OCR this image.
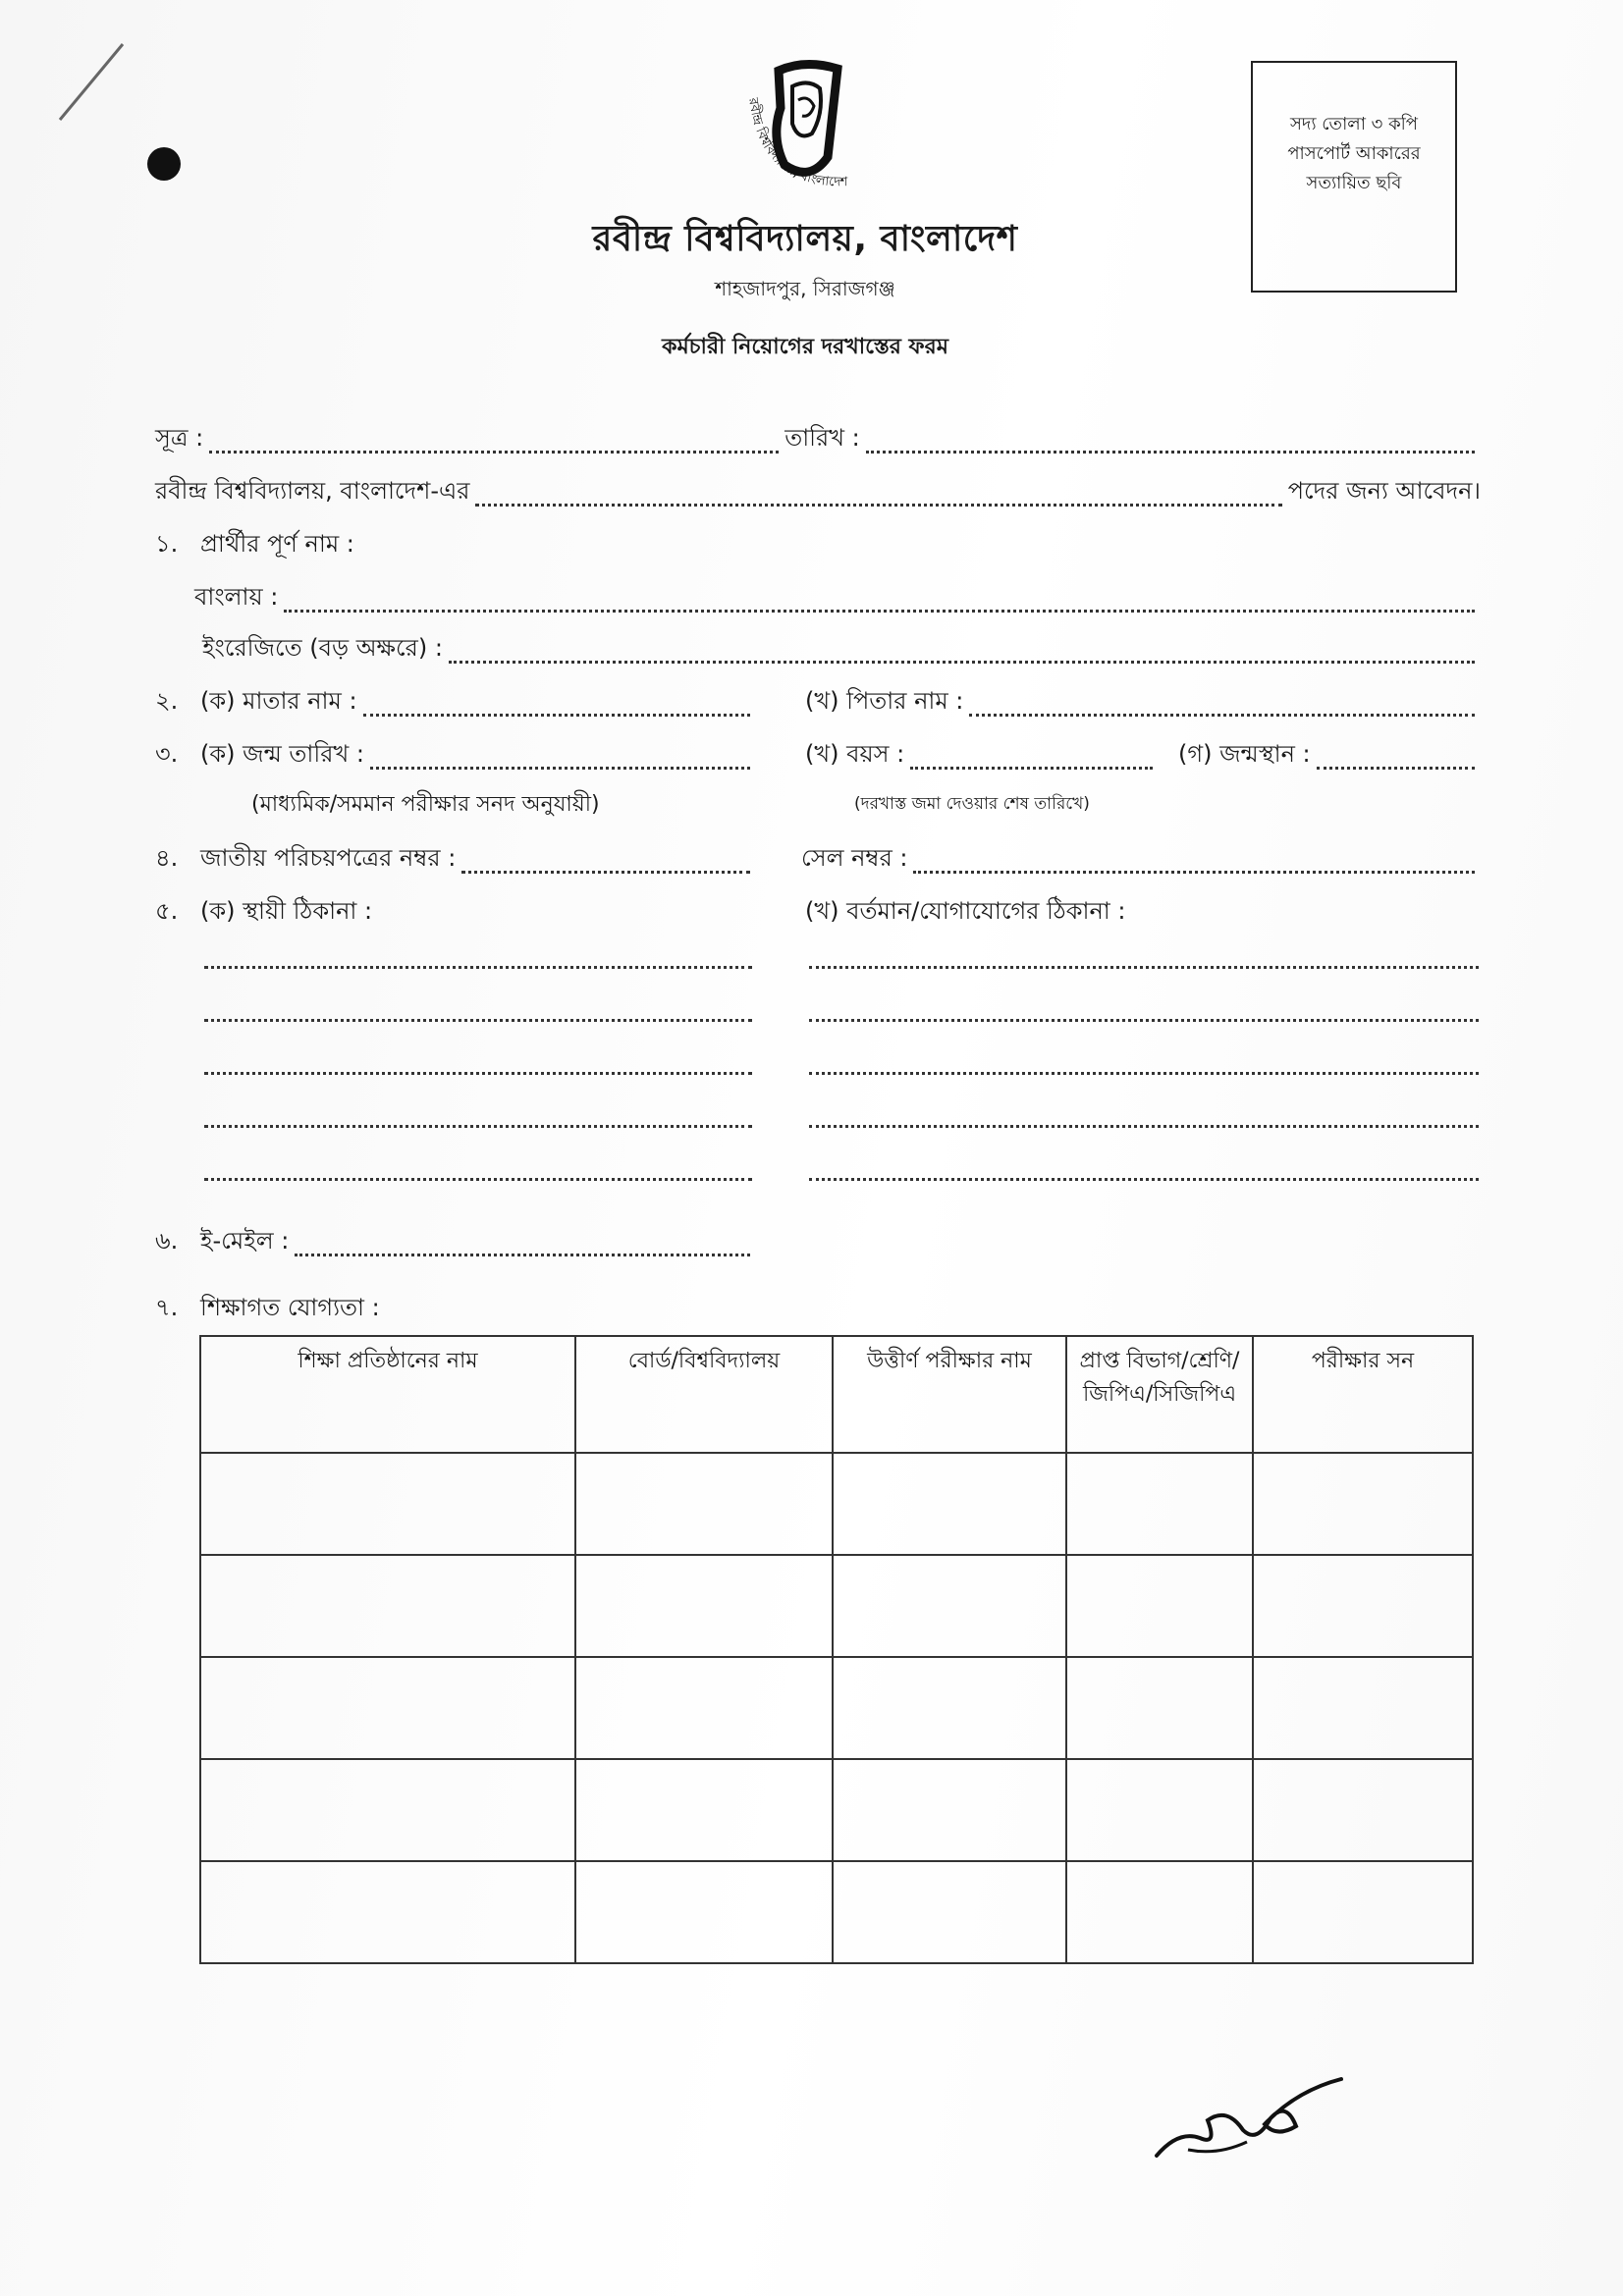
রবীন্দ্র বিশ্ববিদ্যালয়, বাংলাদেশ
রবীন্দ্র বিশ্ববিদ্যালয়, বাংলাদেশ
শাহজাদপুর, সিরাজগঞ্জ
সদ্য তোলা ৩ কপি
পাসপোর্ট আকারের
সত্যায়িত ছবি
কর্মচারী নিয়োগের দরখাস্তের ফরম
সূত্র :	তারিখ :
রবীন্দ্র বিশ্ববিদ্যালয়, বাংলাদেশ-এর	পদের জন্য আবেদন।
১. প্রার্থীর পূর্ণ নাম :
বাংলায় :
ইংরেজিতে (বড় অক্ষরে) :
২. (ক) মাতার নাম :	(খ) পিতার নাম :
৩. (ক) জন্ম তারিখ :	(খ) বয়স :	(গ) জন্মস্থান :
(মাধ্যমিক/সমমান পরীক্ষার সনদ অনুযায়ী)	(দরখাস্ত জমা দেওয়ার শেষ তারিখে)
৪. জাতীয় পরিচয়পত্রের নম্বর :	সেল নম্বর :
৫. (ক) স্থায়ী ঠিকানা :	(খ) বর্তমান/যোগাযোগের ঠিকানা :
৬. ই-মেইল :
৭. শিক্ষাগত যোগ্যতা :
শিক্ষা প্রতিষ্ঠানের নাম	বোর্ড/বিশ্ববিদ্যালয়	উত্তীর্ণ পরীক্ষার নাম	প্রাপ্ত বিভাগ/শ্রেণি/ জিপিএ/সিজিপিএ	পরীক্ষার সন
